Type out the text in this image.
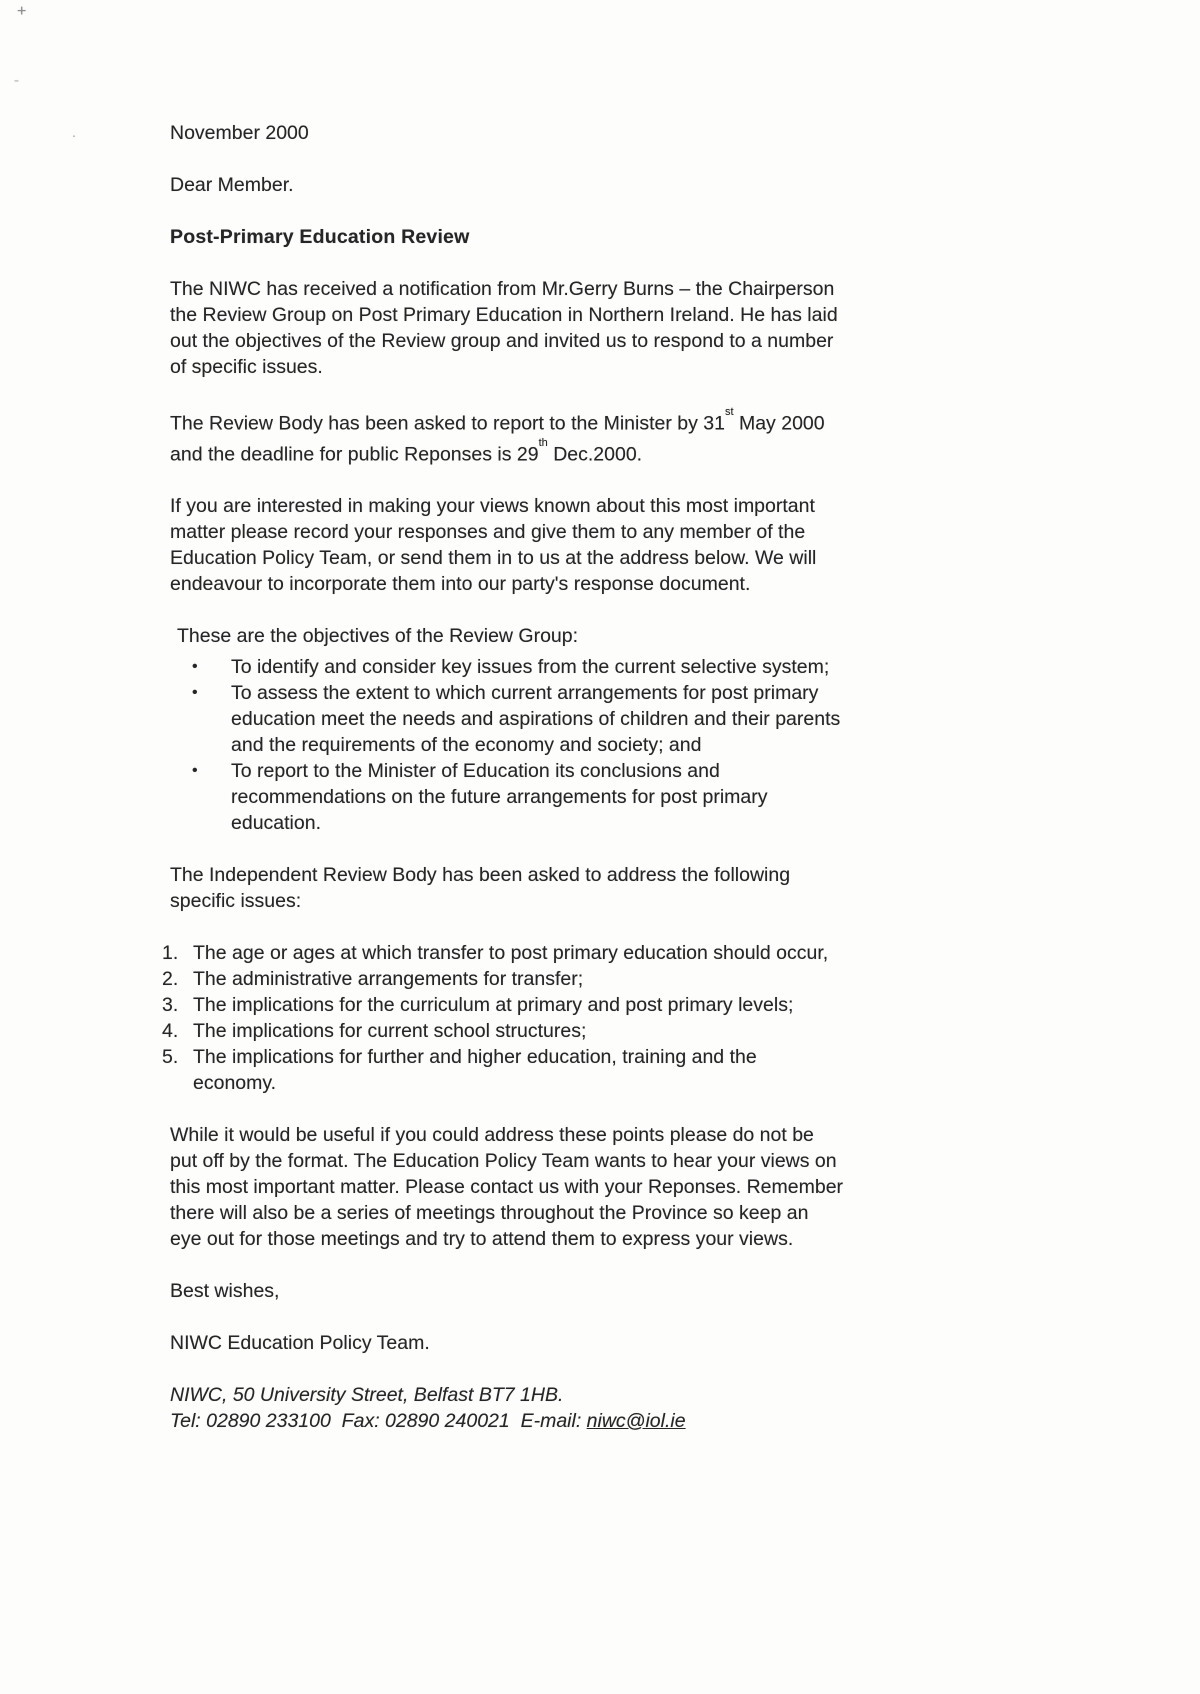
+
-
.	November 2000
Dear Member.
Post-Primary Education Review
The NIWC has received a notification from Mr.Gerry Burns – the Chairperson
the Review Group on Post Primary Education in Northern Ireland. He has laid
out the objectives of the Review group and invited us to respond to a number
of specific issues.
The Review Body has been asked to report to the Minister by 31st May 2000
and the deadline for public Reponses is 29th Dec.2000.
If you are interested in making your views known about this most important
matter please record your responses and give them to any member of the
Education Policy Team, or send them in to us at the address below. We will
endeavour to incorporate them into our party's response document.
These are the objectives of the Review Group:
•	To identify and consider key issues from the current selective system;
•	To assess the extent to which current arrangements for post primary
education meet the needs and aspirations of children and their parents
and the requirements of the economy and society; and
•	To report to the Minister of Education its conclusions and
recommendations on the future arrangements for post primary
education.
The Independent Review Body has been asked to address the following
specific issues:
1. The age or ages at which transfer to post primary education should occur,
2. The administrative arrangements for transfer;
3. The implications for the curriculum at primary and post primary levels;
4. The implications for current school structures;
5. The implications for further and higher education, training and the
economy.
While it would be useful if you could address these points please do not be
put off by the format. The Education Policy Team wants to hear your views on
this most important matter. Please contact us with your Reponses. Remember
there will also be a series of meetings throughout the Province so keep an
eye out for those meetings and try to attend them to express your views.
Best wishes,
NIWC Education Policy Team.
NIWC, 50 University Street, Belfast BT7 1HB.
Tel: 02890 233100  Fax: 02890 240021  E-mail: niwc@iol.ie
